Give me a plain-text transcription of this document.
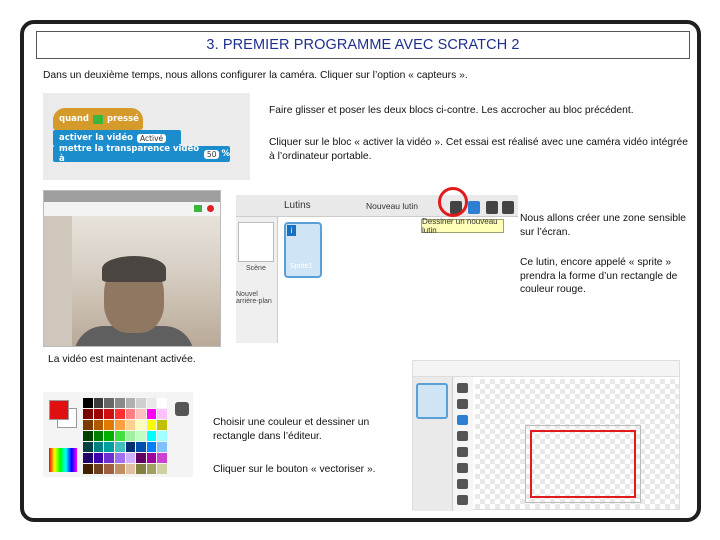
3. PREMIER PROGRAMME AVEC SCRATCH 2
Dans un deuxième temps, nous allons configurer la caméra. Cliquer sur l’option « capteurs ».
quand pressé
activer la vidéo Activé
mettre la transparence vidéo à	50 %
Faire glisser et poser les deux blocs ci-contre. Les accrocher au bloc précédent.
Cliquer sur le bloc « activer la vidéo ». Cet essai est réalisé avec une caméra vidéo intégrée à l’ordinateur portable.
Lutins	Nouveau lutin
Scène
Nouvel arrière-plan
i
Sprite1
Dessiner un nouveau lutin
Nous allons créer une zone sensible sur l’écran.
Ce lutin, encore appelé « sprite » prendra la forme d’un rectangle de couleur rouge.
La vidéo est maintenant activée.
Choisir une couleur et dessiner un rectangle dans l’éditeur.
Cliquer sur le bouton « vectoriser ».
